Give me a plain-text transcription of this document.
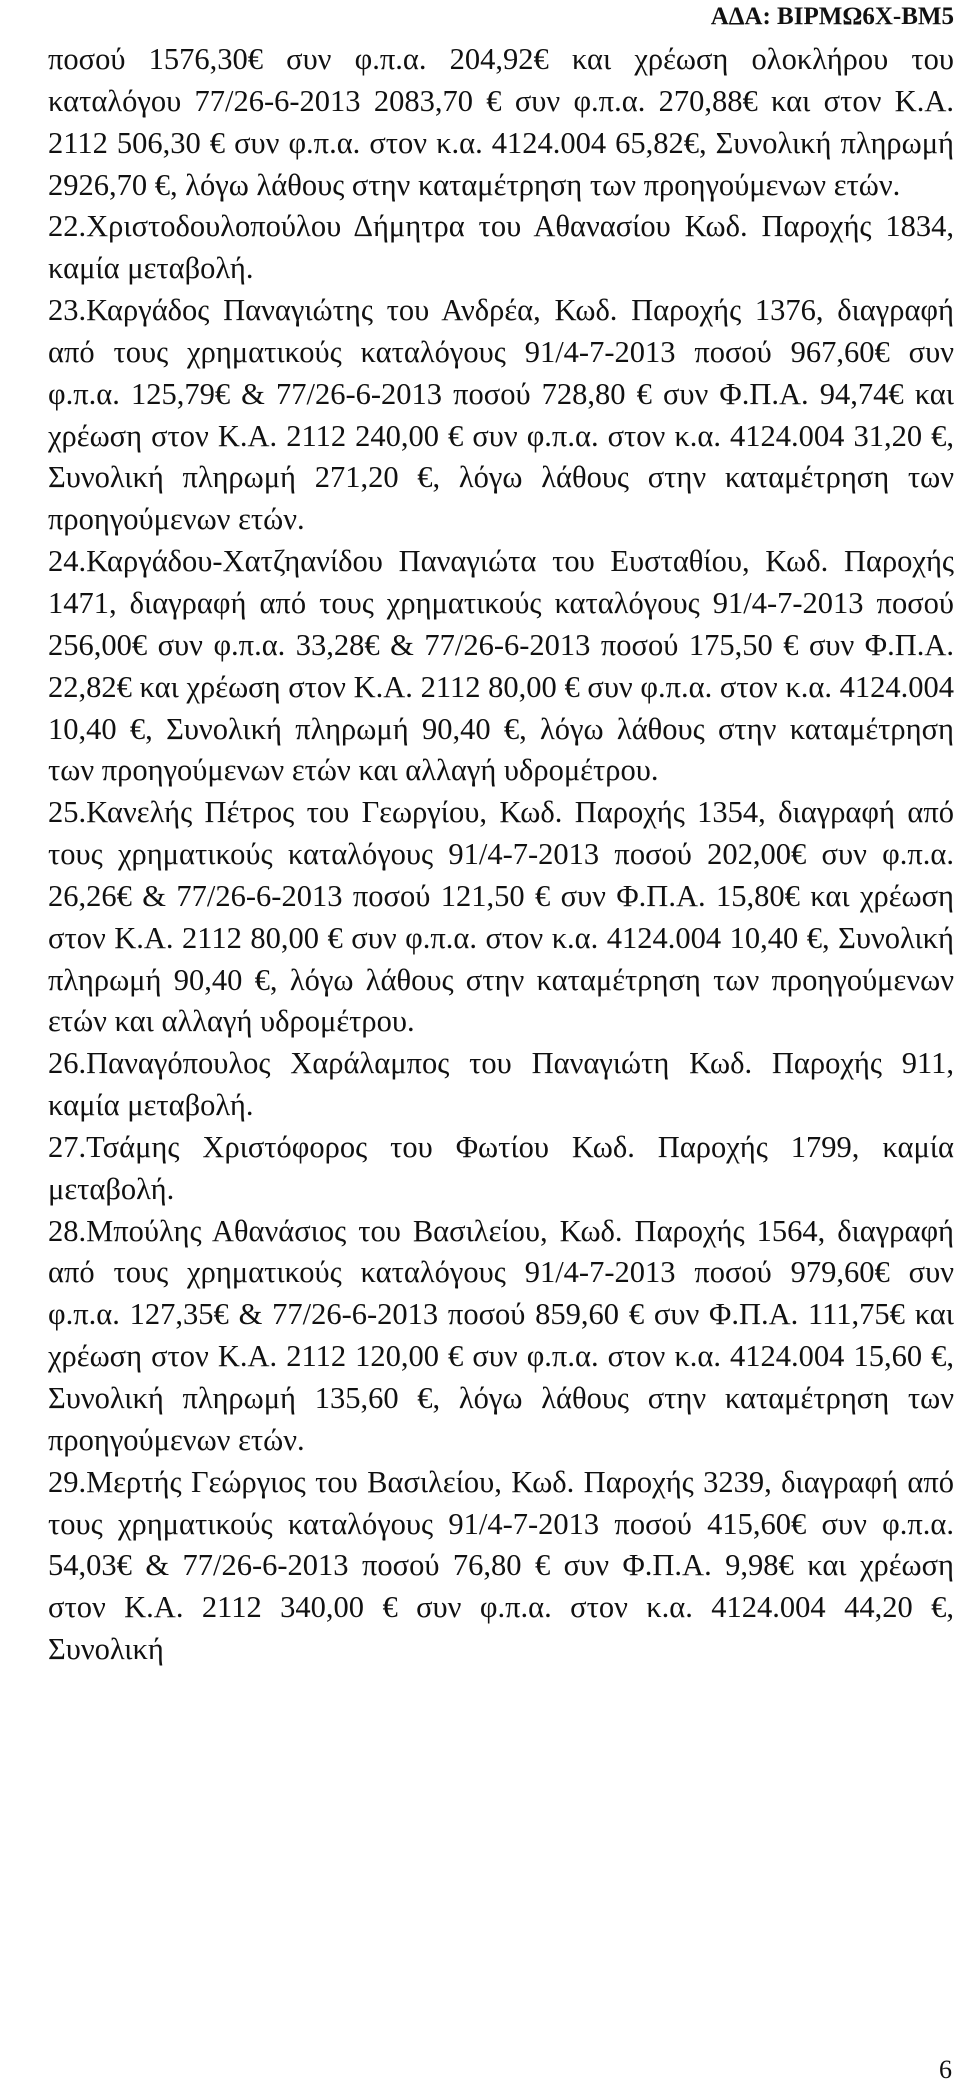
ΑΔΑ: ΒΙΡΜΩ6Χ-ΒΜ5

ποσού 1576,30€ συν φ.π.α. 204,92€ και χρέωση ολοκλήρου του καταλόγου 77/26-6-2013 2083,70 € συν φ.π.α. 270,88€ και στον Κ.Α. 2112 506,30 € συν φ.π.α. στον κ.α. 4124.004 65,82€, Συνολική πληρωμή 2926,70 €, λόγω λάθους στην καταμέτρηση των προηγούμενων ετών.

22.Χριστοδουλοπούλου Δήμητρα του Αθανασίου Κωδ. Παροχής 1834, καμία μεταβολή.

23.Καργάδος Παναγιώτης του Ανδρέα, Κωδ. Παροχής 1376, διαγραφή από τους χρηματικούς καταλόγους 91/4-7-2013 ποσού 967,60€ συν φ.π.α. 125,79€ & 77/26-6-2013 ποσού 728,80 € συν Φ.Π.Α. 94,74€ και χρέωση στον Κ.Α. 2112 240,00 € συν φ.π.α. στον κ.α. 4124.004 31,20 €, Συνολική πληρωμή 271,20 €, λόγω λάθους στην καταμέτρηση των προηγούμενων ετών.

24.Καργάδου-Χατζηανίδου Παναγιώτα του Ευσταθίου, Κωδ. Παροχής 1471, διαγραφή από τους χρηματικούς καταλόγους 91/4-7-2013 ποσού 256,00€ συν φ.π.α. 33,28€ & 77/26-6-2013 ποσού 175,50 € συν Φ.Π.Α. 22,82€ και χρέωση στον Κ.Α. 2112 80,00 € συν φ.π.α. στον κ.α. 4124.004 10,40 €, Συνολική πληρωμή 90,40 €, λόγω λάθους στην καταμέτρηση των προηγούμενων ετών και αλλαγή υδρομέτρου.

25.Κανελής Πέτρος του Γεωργίου, Κωδ. Παροχής 1354, διαγραφή από τους χρηματικούς καταλόγους 91/4-7-2013 ποσού 202,00€ συν φ.π.α. 26,26€ & 77/26-6-2013 ποσού 121,50 € συν Φ.Π.Α. 15,80€ και χρέωση στον Κ.Α. 2112 80,00 € συν φ.π.α. στον κ.α. 4124.004 10,40 €, Συνολική πληρωμή 90,40 €, λόγω λάθους στην καταμέτρηση των προηγούμενων ετών και αλλαγή υδρομέτρου.

26.Παναγόπουλος Χαράλαμπος του Παναγιώτη Κωδ. Παροχής 911, καμία μεταβολή.

27.Τσάμης Χριστόφορος του Φωτίου Κωδ. Παροχής 1799, καμία μεταβολή.

28.Μπούλης Αθανάσιος του Βασιλείου, Κωδ. Παροχής 1564, διαγραφή από τους χρηματικούς καταλόγους 91/4-7-2013 ποσού 979,60€ συν φ.π.α. 127,35€ & 77/26-6-2013 ποσού 859,60 € συν Φ.Π.Α. 111,75€ και χρέωση στον Κ.Α. 2112 120,00 € συν φ.π.α. στον κ.α. 4124.004 15,60 €, Συνολική πληρωμή 135,60 €, λόγω λάθους στην καταμέτρηση των προηγούμενων ετών.

29.Μερτής Γεώργιος του Βασιλείου, Κωδ. Παροχής 3239, διαγραφή από τους χρηματικούς καταλόγους 91/4-7-2013 ποσού 415,60€ συν φ.π.α. 54,03€ & 77/26-6-2013 ποσού 76,80 € συν Φ.Π.Α. 9,98€ και χρέωση στον Κ.Α. 2112 340,00 € συν φ.π.α. στον κ.α. 4124.004 44,20 €, Συνολική

6
